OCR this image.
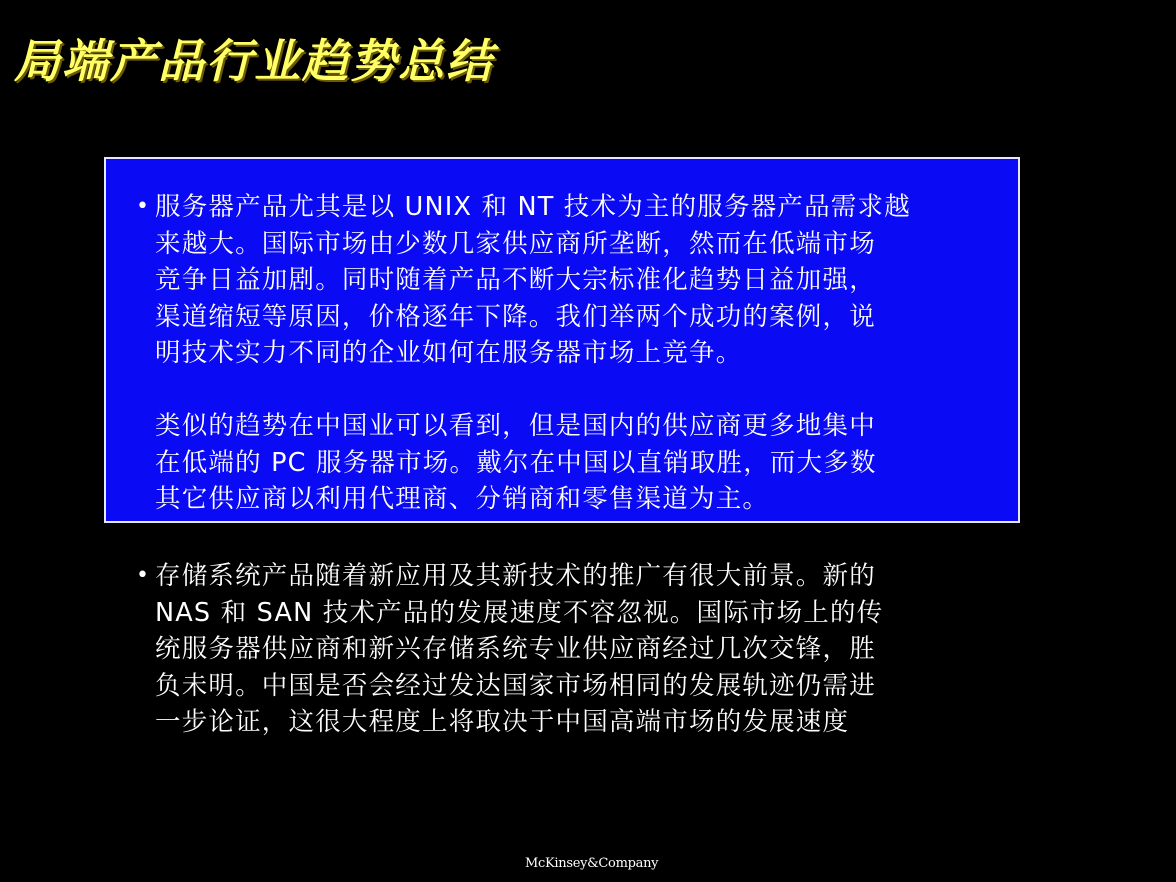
局端产品行业趋势总结
• 服务器产品尤其是以 UNIX 和 NT 技术为主的服务器产品需求越
来越大。国际市场由少数几家供应商所垄断，然而在低端市场
竞争日益加剧。同时随着产品不断大宗标准化趋势日益加强，
渠道缩短等原因，价格逐年下降。我们举两个成功的案例，说
明技术实力不同的企业如何在服务器市场上竞争。
类似的趋势在中国业可以看到，但是国内的供应商更多地集中
在低端的 PC 服务器市场。戴尔在中国以直销取胜，而大多数
其它供应商以利用代理商、分销商和零售渠道为主。
• 存储系统产品随着新应用及其新技术的推广有很大前景。新的
NAS 和 SAN 技术产品的发展速度不容忽视。国际市场上的传
统服务器供应商和新兴存储系统专业供应商经过几次交锋，胜
负未明。中国是否会经过发达国家市场相同的发展轨迹仍需进
一步论证，这很大程度上将取决于中国高端市场的发展速度
McKinsey&Company
